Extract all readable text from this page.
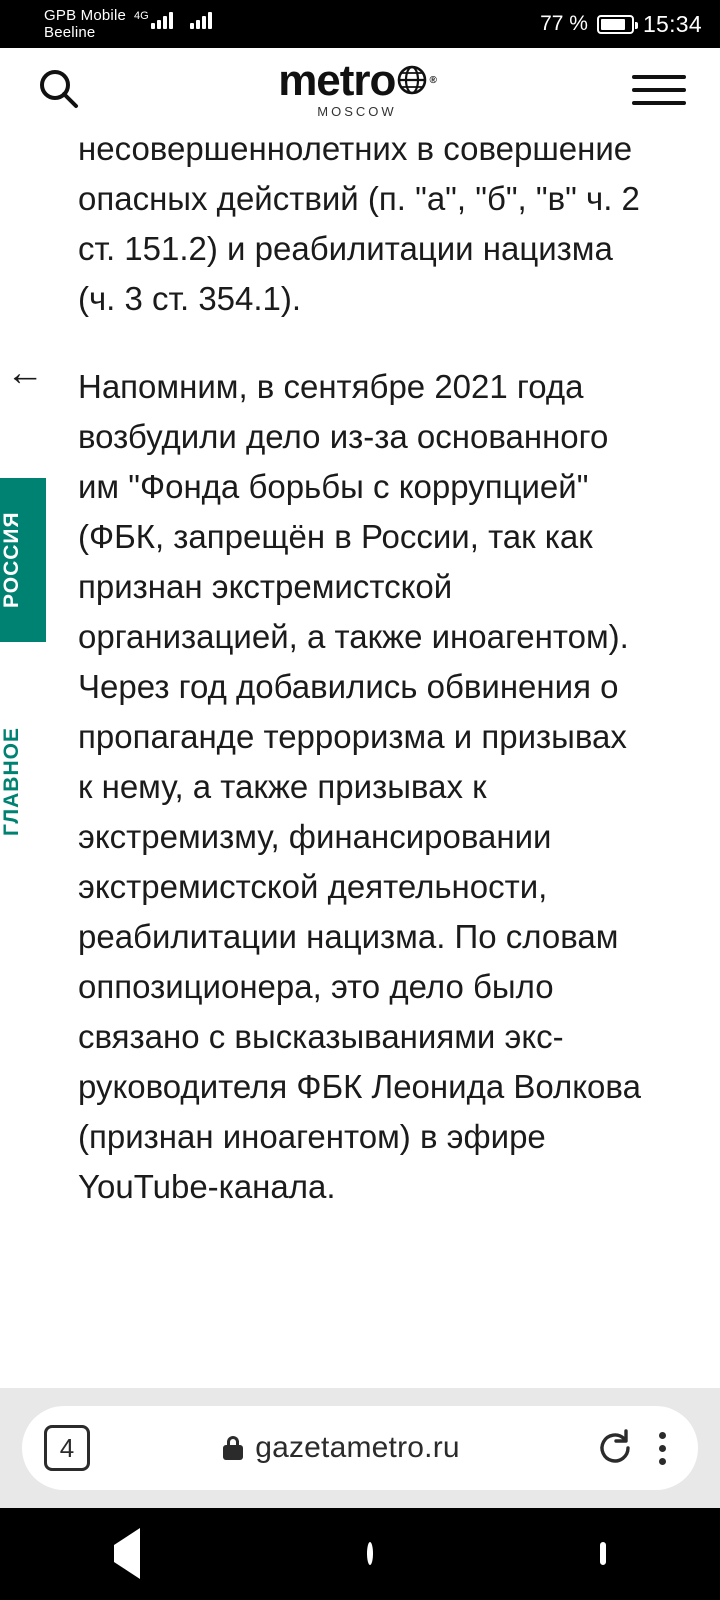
GPB Mobile
Beeline
4G	77 % 15:34
metro	®
MOSCOW
←
РОССИЯ
ГЛАВНОЕ

несовершеннолетних в совершение опасных действий (п. "а", "б", "в" ч. 2 ст. 151.2) и реабилитации нацизма (ч. 3 ст. 354.1).

Напомним, в сентябре 2021 года возбудили дело из-за основанного им "Фонда борьбы с коррупцией" (ФБК, запрещён в России, так как признан экстремистской организацией, а также иноагентом). Через год добавились обвинения о пропаганде терроризма и призывах к нему, а также призывах к экстремизму, финансировании экстремистской деятельности, реабилитации нацизма. По словам оппозиционера, это дело было связано с высказываниями экс-руководителя ФБК Леонида Волкова (признан иноагентом) в эфире YouTube-канала.

4	gazetametro.ru
